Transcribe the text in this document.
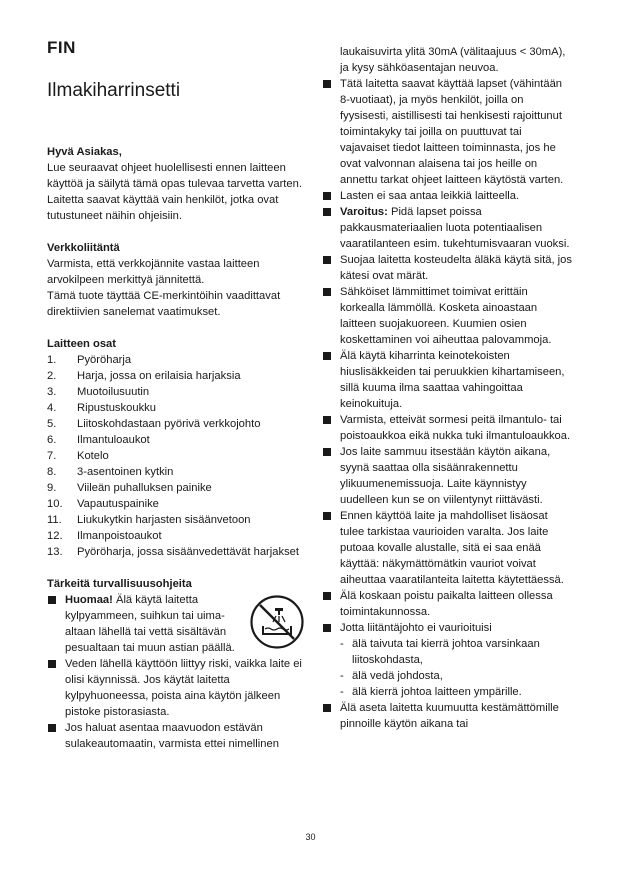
FIN

Ilmakiharrinsetti

Hyvä Asiakas,

Lue seuraavat ohjeet huolellisesti ennen laitteen käyttöä ja säilytä tämä opas tulevaa tarvetta varten. Laitetta saavat käyttää vain henkilöt, jotka ovat tutustuneet näihin ohjeisiin.

Verkkoliitäntä

Varmista, että verkkojännite vastaa laitteen arvokilpeen merkittyä jännitettä.

Tämä tuote täyttää CE-merkintöihin vaadittavat direktiivien sanelemat vaatimukset.

Laitteen osat

1. Pyöröharja
2. Harja, jossa on erilaisia harjaksia
3. Muotoilusuutin
4. Ripustuskoukku
5. Liitoskohdastaan pyörivä verkkojohto
6. Ilmantuloaukot
7. Kotelo
8. 3-asentoinen kytkin
9. Viileän puhalluksen painike
10. Vapautuspainike
11. Liukukytkin harjasten sisäänvetoon
12. Ilmanpoistoaukot
13. Pyöröharja, jossa sisäänvedettävät harjakset

Tärkeitä turvallisuusohjeita

Huomaa! Älä käytä laitetta kylpyammeen, suihkun tai uima-altaan lähellä tai vettä sisältävän pesualtaan tai muun astian päällä.
Veden lähellä käyttöön liittyy riski, vaikka laite ei olisi käynnissä. Jos käytät laitetta kylpyhuoneessa, poista aina käytön jälkeen pistoke pistorasiasta.
Jos haluat asentaa maavuodon estävän sulakeautomaatin, varmista ettei nimellinen

laukaisuvirta ylitä 30mA (välitaajuus < 30mA), ja kysy sähköasentajan neuvoa.

Tätä laitetta saavat käyttää lapset (vähintään 8-vuotiaat), ja myös henkilöt, joilla on fyysisesti, aistillisesti tai henkisesti rajoittunut toimintakyky tai joilla on puuttuvat tai vajavaiset tiedot laitteen toiminnasta, jos he ovat valvonnan alaisena tai jos heille on annettu tarkat ohjeet laitteen käytöstä varten.
Lasten ei saa antaa leikkiä laitteella.
Varoitus: Pidä lapset poissa pakkausmateriaalien luota potentiaalisen vaaratilanteen esim. tukehtumisvaaran vuoksi.
Suojaa laitetta kosteudelta äläkä käytä sitä, jos kätesi ovat märät.
Sähköiset lämmittimet toimivat erittäin korkealla lämmöllä. Kosketa ainoastaan laitteen suojakuoreen. Kuumien osien koskettaminen voi aiheuttaa palovammoja.
Älä käytä kiharrinta keinotekoisten hiuslisäkkeiden tai peruukkien kihartamiseen, sillä kuuma ilma saattaa vahingoittaa keinokuituja.
Varmista, etteivät sormesi peitä ilmantulo- tai poistoaukkoa eikä nukka tuki ilmantuloaukkoa.
Jos laite sammuu itsestään käytön aikana, syynä saattaa olla sisäänrakennettu ylikuumenemissuoja. Laite käynnistyy uudelleen kun se on viilentynyt riittävästi.
Ennen käyttöä laite ja mahdolliset lisäosat tulee tarkistaa vaurioiden varalta. Jos laite putoaa kovalle alustalle, sitä ei saa enää käyttää: näkymättömätkin vauriot voivat aiheuttaa vaaratilanteita laitetta käytettäessä.
Älä koskaan poistu paikalta laitteen ollessa toimintakunnossa.
Jotta liitäntäjohto ei vaurioituisi
- älä taivuta tai kierrä johtoa varsinkaan liitoskohdasta,
- älä vedä johdosta,
- älä kierrä johtoa laitteen ympärille.
Älä aseta laitetta kuumuutta kestämättömille pinnoille käytön aikana tai
30
